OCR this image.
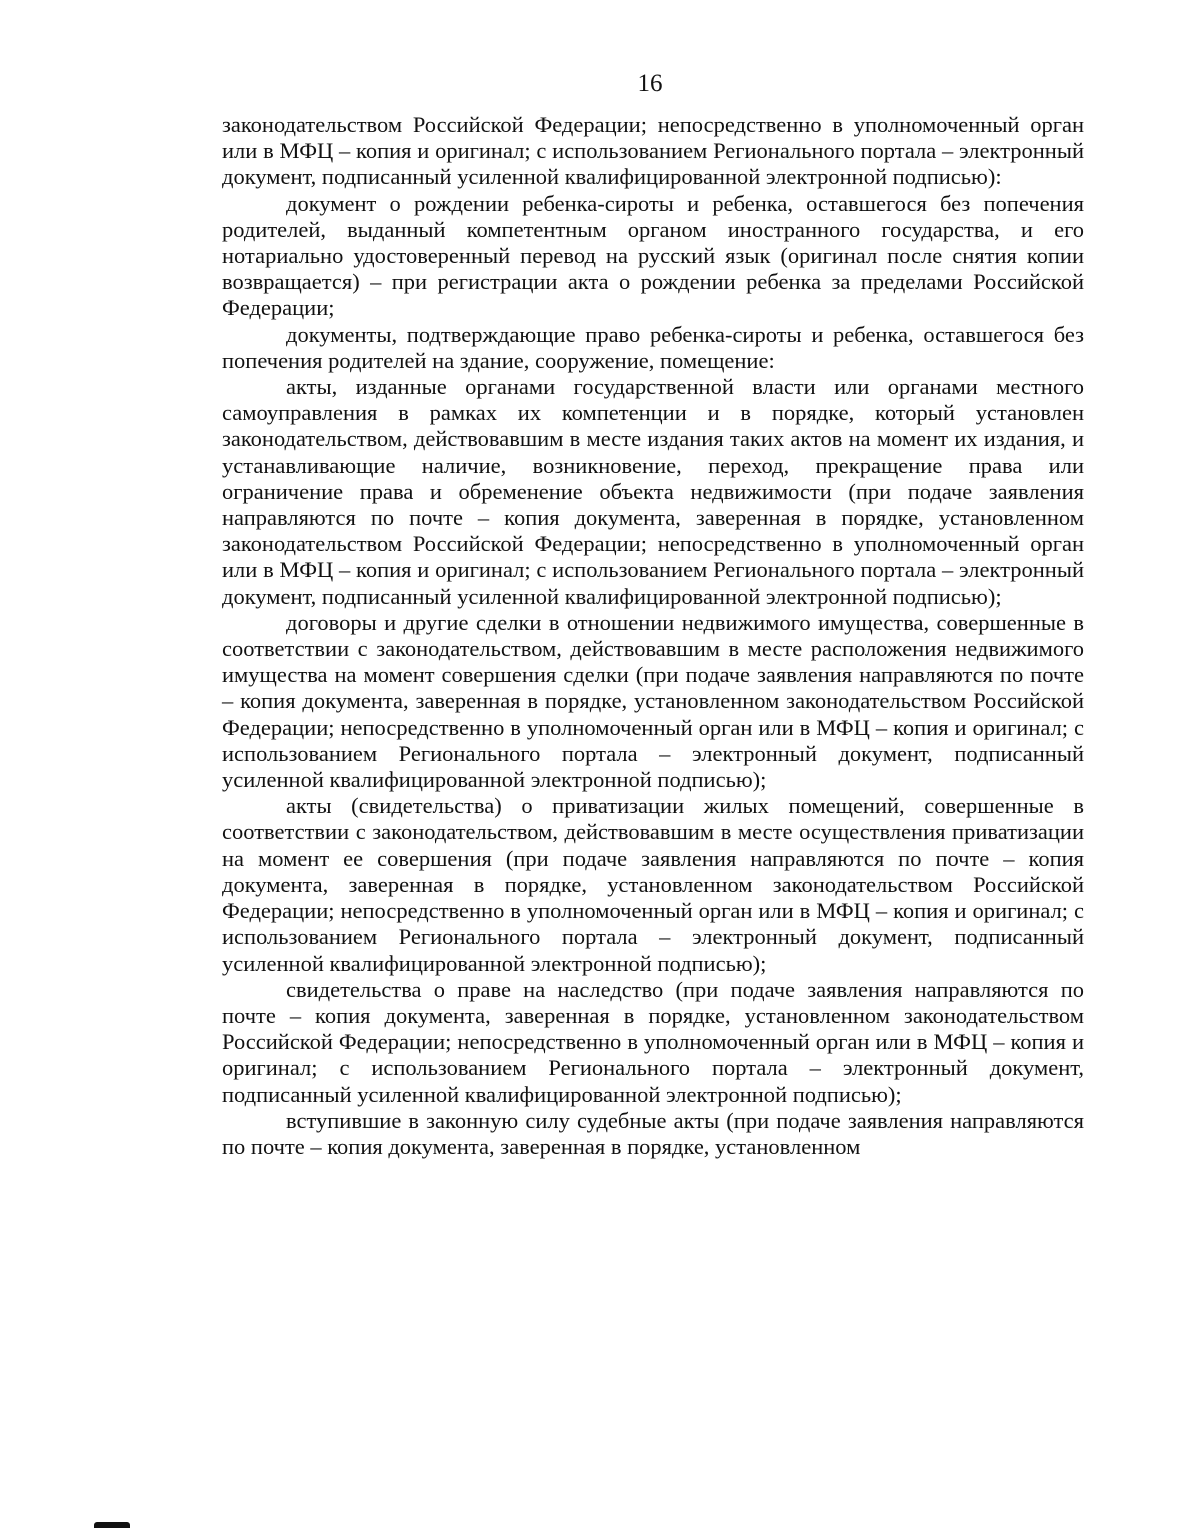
16

законодательством Российской Федерации; непосредственно в уполномоченный орган или в МФЦ – копия и оригинал; с использованием Регионального портала – электронный документ, подписанный усиленной квалифицированной электронной подписью):

документ о рождении ребенка-сироты и ребенка, оставшегося без попечения родителей, выданный компетентным органом иностранного государства, и его нотариально удостоверенный перевод на русский язык (оригинал после снятия копии возвращается) – при регистрации акта о рождении ребенка за пределами Российской Федерации;

документы, подтверждающие право ребенка-сироты и ребенка, оставшегося без попечения родителей на здание, сооружение, помещение:

акты, изданные органами государственной власти или органами местного самоуправления в рамках их компетенции и в порядке, который установлен законодательством, действовавшим в месте издания таких актов на момент их издания, и устанавливающие наличие, возникновение, переход, прекращение права или ограничение права и обременение объекта недвижимости (при подаче заявления направляются по почте – копия документа, заверенная в порядке, установленном законодательством Российской Федерации; непосредственно в уполномоченный орган или в МФЦ – копия и оригинал; с использованием Регионального портала – электронный документ, подписанный усиленной квалифицированной электронной подписью);

договоры и другие сделки в отношении недвижимого имущества, совершенные в соответствии с законодательством, действовавшим в месте расположения недвижимого имущества на момент совершения сделки (при подаче заявления направляются по почте – копия документа, заверенная в порядке, установленном законодательством Российской Федерации; непосредственно в уполномоченный орган или в МФЦ – копия и оригинал; с использованием Регионального портала – электронный документ, подписанный усиленной квалифицированной электронной подписью);

акты (свидетельства) о приватизации жилых помещений, совершенные в соответствии с законодательством, действовавшим в месте осуществления приватизации на момент ее совершения (при подаче заявления направляются по почте – копия документа, заверенная в порядке, установленном законодательством Российской Федерации; непосредственно в уполномоченный орган или в МФЦ – копия и оригинал; с использованием Регионального портала – электронный документ, подписанный усиленной квалифицированной электронной подписью);

свидетельства о праве на наследство (при подаче заявления направляются по почте – копия документа, заверенная в порядке, установленном законодательством Российской Федерации; непосредственно в уполномоченный орган или в МФЦ – копия и оригинал; с использованием Регионального портала – электронный документ, подписанный усиленной квалифицированной электронной подписью);

вступившие в законную силу судебные акты (при подаче заявления направляются по почте – копия документа, заверенная в порядке, установленном
